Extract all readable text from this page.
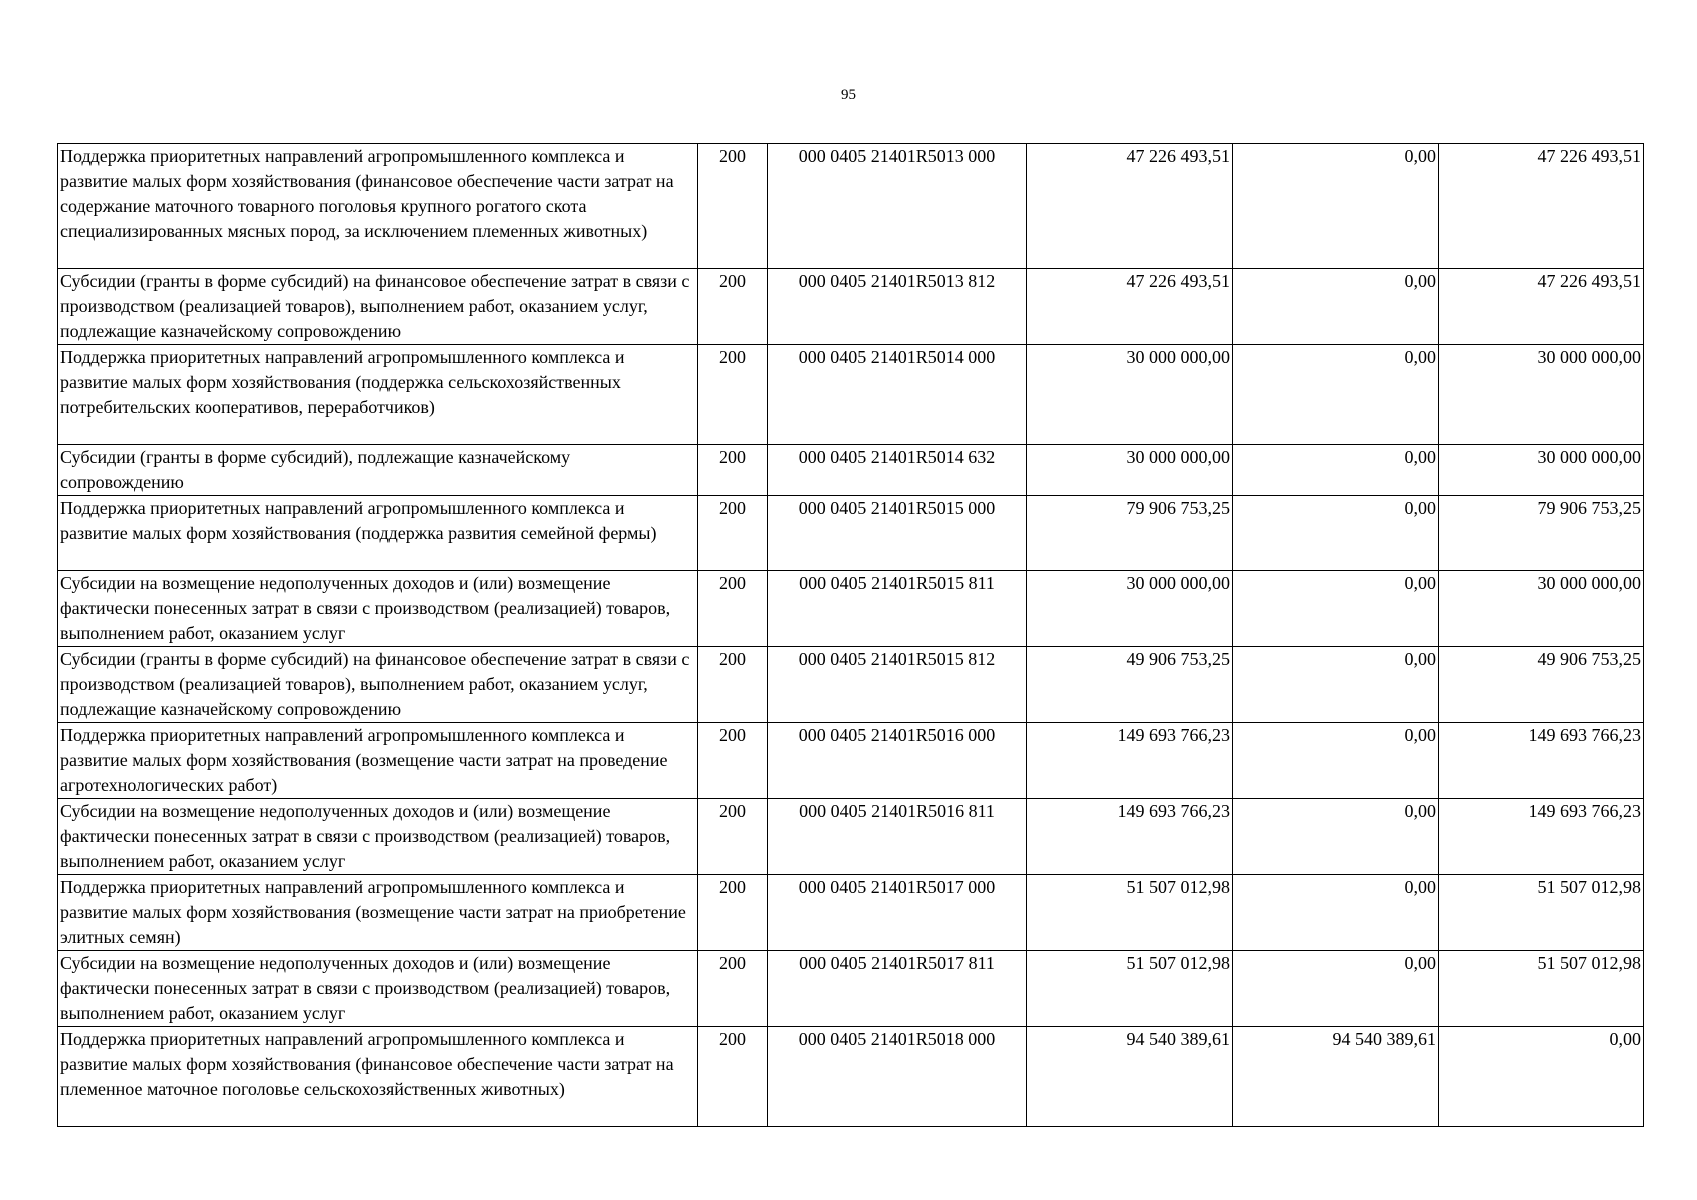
95
Поддержка приоритетных направлений агропромышленного комплекса и развитие малых форм хозяйствования (финансовое обеспечение части затрат на содержание маточного товарного поголовья крупного рогатого скота специализированных мясных пород, за исключением племенных животных)	200	000 0405 21401R5013 000	47 226 493,51	0,00	47 226 493,51
Субсидии (гранты в форме субсидий) на финансовое обеспечение затрат в связи с производством (реализацией товаров), выполнением работ, оказанием услуг, подлежащие казначейскому сопровождению	200	000 0405 21401R5013 812	47 226 493,51	0,00	47 226 493,51
Поддержка приоритетных направлений агропромышленного комплекса и развитие малых форм хозяйствования (поддержка сельскохозяйственных потребительских кооперативов, переработчиков)	200	000 0405 21401R5014 000	30 000 000,00	0,00	30 000 000,00
Субсидии (гранты в форме субсидий), подлежащие казначейскому сопровождению	200	000 0405 21401R5014 632	30 000 000,00	0,00	30 000 000,00
Поддержка приоритетных направлений агропромышленного комплекса и развитие малых форм хозяйствования (поддержка развития семейной фермы)	200	000 0405 21401R5015 000	79 906 753,25	0,00	79 906 753,25
Субсидии на возмещение недополученных доходов и (или) возмещение фактически понесенных затрат в связи с производством (реализацией) товаров, выполнением работ, оказанием услуг	200	000 0405 21401R5015 811	30 000 000,00	0,00	30 000 000,00
Субсидии (гранты в форме субсидий) на финансовое обеспечение затрат в связи с производством (реализацией товаров), выполнением работ, оказанием услуг, подлежащие казначейскому сопровождению	200	000 0405 21401R5015 812	49 906 753,25	0,00	49 906 753,25
Поддержка приоритетных направлений агропромышленного комплекса и развитие малых форм хозяйствования (возмещение части затрат на проведение агротехнологических работ)	200	000 0405 21401R5016 000	149 693 766,23	0,00	149 693 766,23
Субсидии на возмещение недополученных доходов и (или) возмещение фактически понесенных затрат в связи с производством (реализацией) товаров, выполнением работ, оказанием услуг	200	000 0405 21401R5016 811	149 693 766,23	0,00	149 693 766,23
Поддержка приоритетных направлений агропромышленного комплекса и развитие малых форм хозяйствования (возмещение части затрат на приобретение элитных семян)	200	000 0405 21401R5017 000	51 507 012,98	0,00	51 507 012,98
Субсидии на возмещение недополученных доходов и (или) возмещение фактически понесенных затрат в связи с производством (реализацией) товаров, выполнением работ, оказанием услуг	200	000 0405 21401R5017 811	51 507 012,98	0,00	51 507 012,98
Поддержка приоритетных направлений агропромышленного комплекса и развитие малых форм хозяйствования (финансовое обеспечение части затрат на племенное маточное поголовье сельскохозяйственных животных)	200	000 0405 21401R5018 000	94 540 389,61	94 540 389,61	0,00
